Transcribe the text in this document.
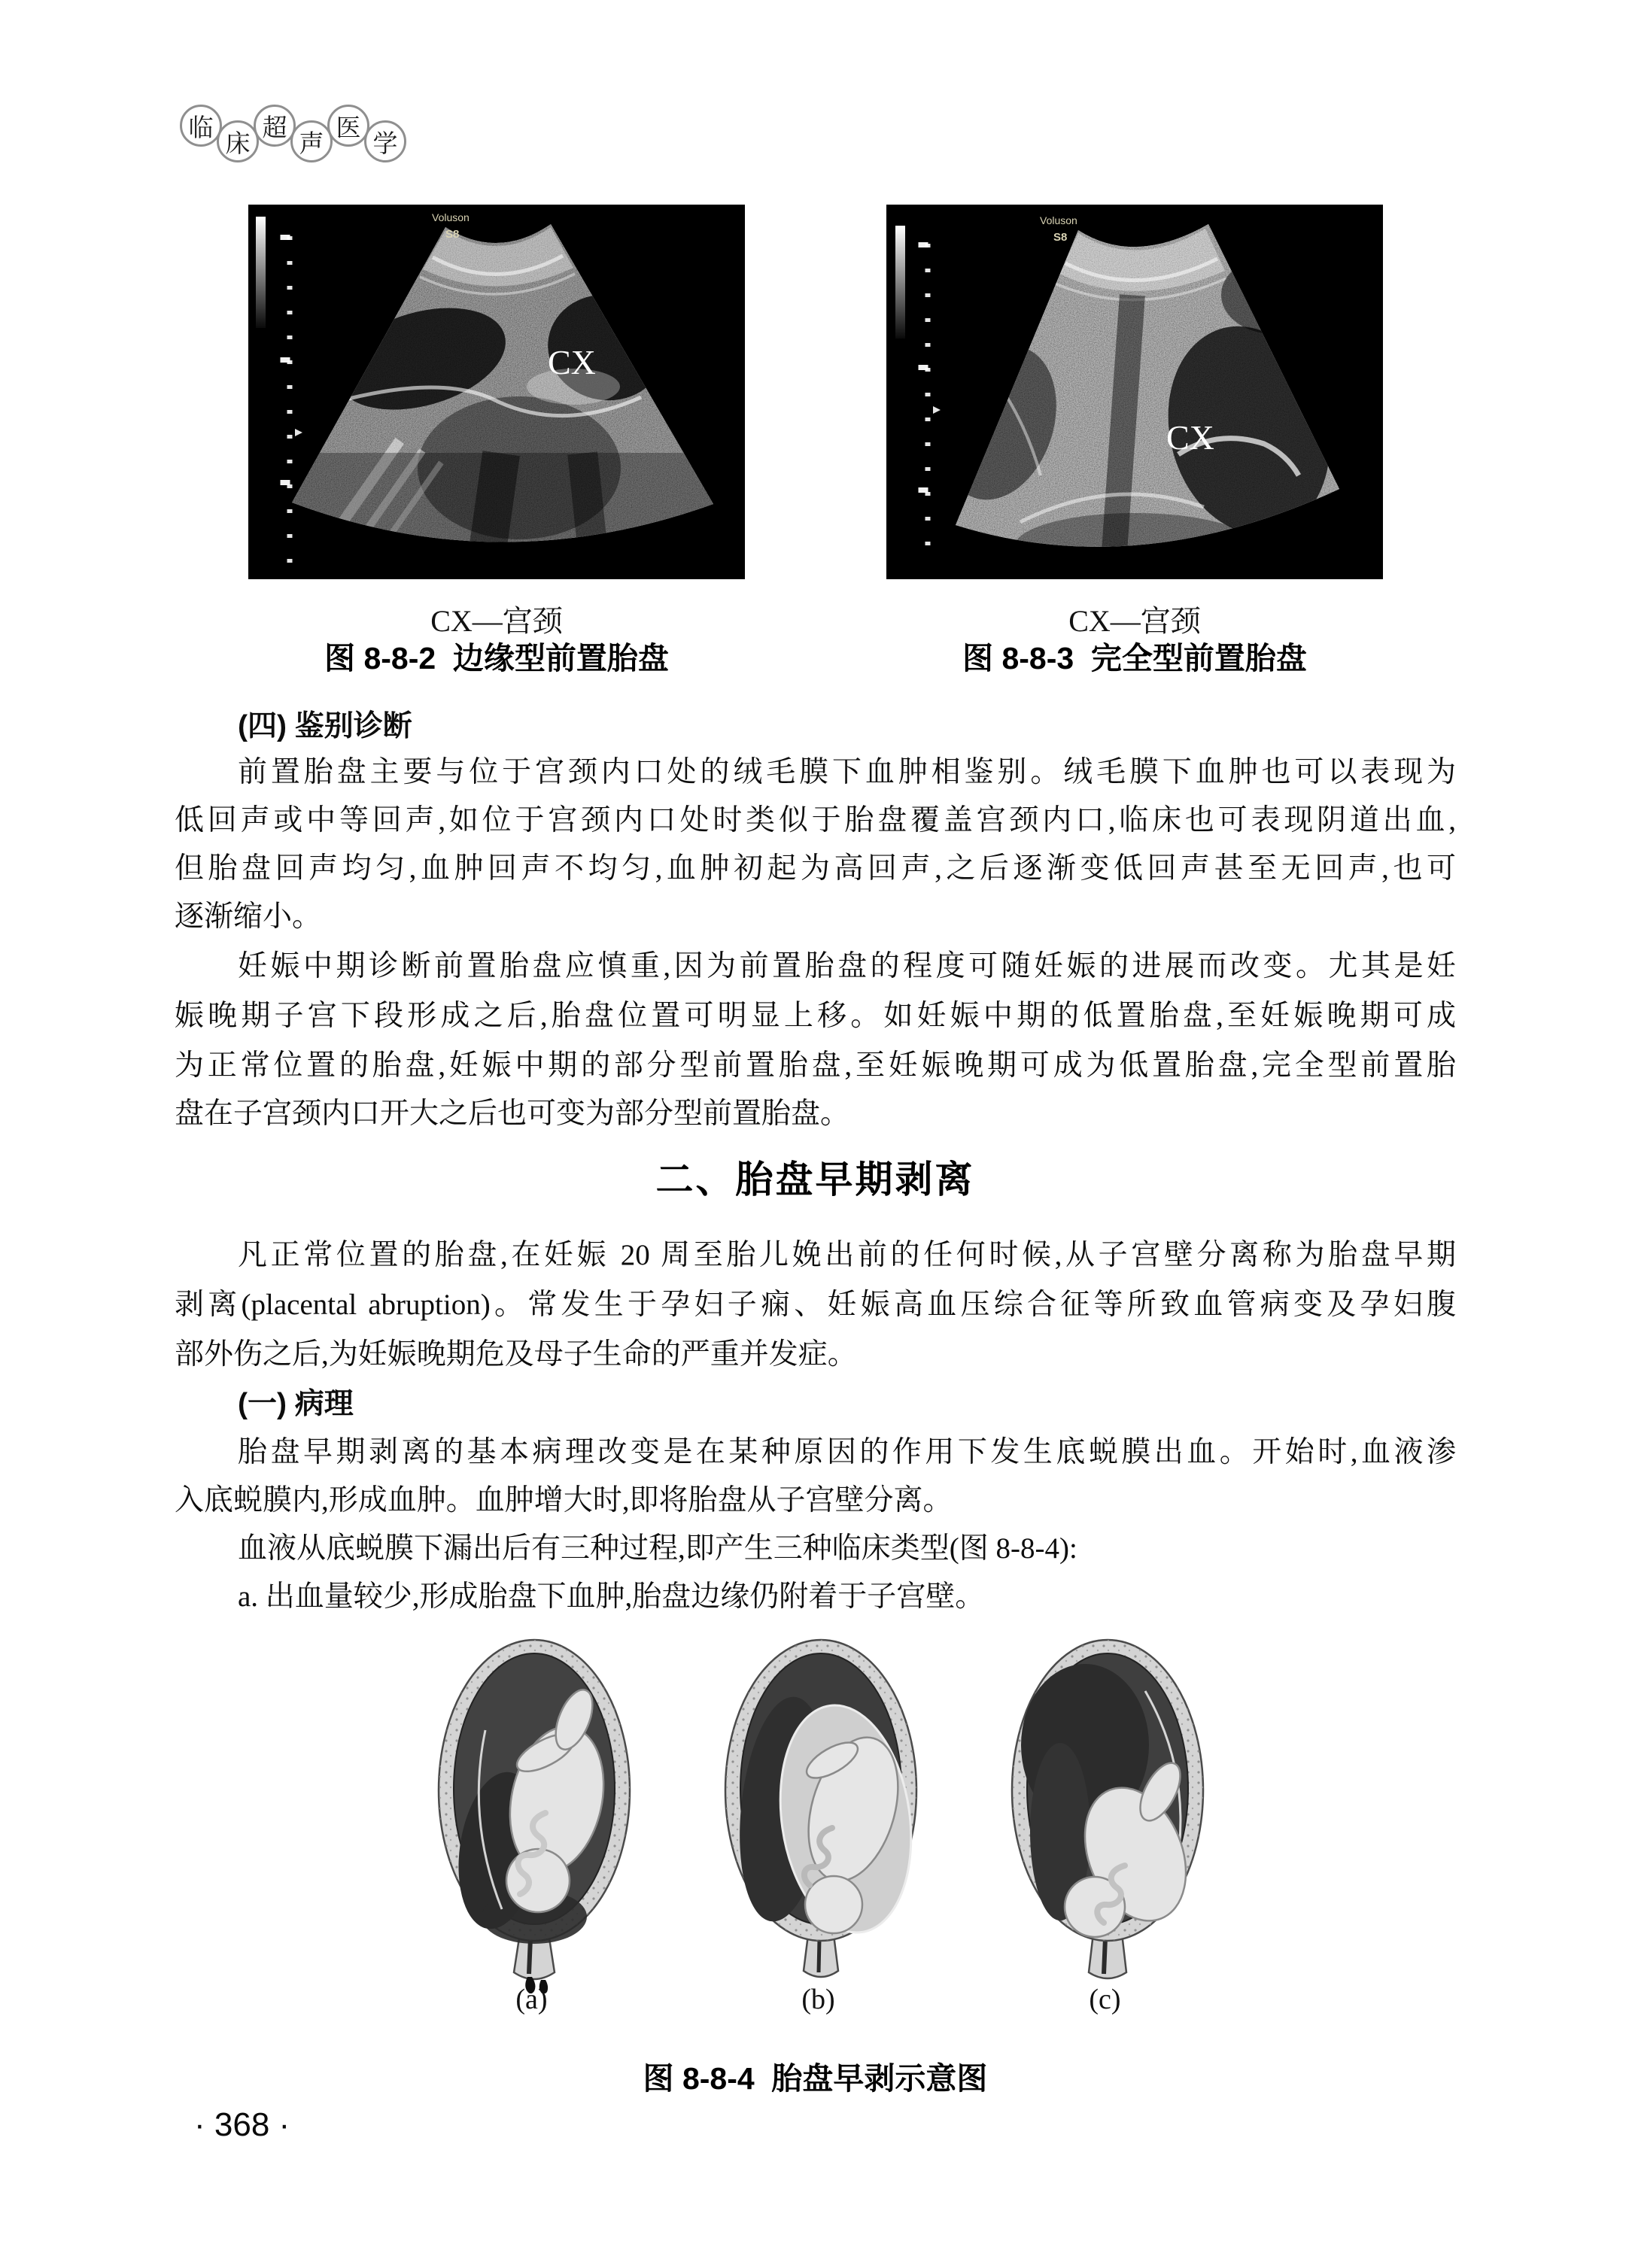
临
床
超
声
医
学
Voluson
S8
CX
Voluson
S8
CX
CX—宫颈
图 8-8-2  边缘型前置胎盘
CX—宫颈
图 8-8-3  完全型前置胎盘
(四) 鉴别诊断
前置胎盘主要与位于宫颈内口处的绒毛膜下血肿相鉴别。绒毛膜下血肿也可以表现为
低回声或中等回声,如位于宫颈内口处时类似于胎盘覆盖宫颈内口,临床也可表现阴道出血,
但胎盘回声均匀,血肿回声不均匀,血肿初起为高回声,之后逐渐变低回声甚至无回声,也可
逐渐缩小。
妊娠中期诊断前置胎盘应慎重,因为前置胎盘的程度可随妊娠的进展而改变。尤其是妊
娠晚期子宫下段形成之后,胎盘位置可明显上移。如妊娠中期的低置胎盘,至妊娠晚期可成
为正常位置的胎盘,妊娠中期的部分型前置胎盘,至妊娠晚期可成为低置胎盘,完全型前置胎
盘在子宫颈内口开大之后也可变为部分型前置胎盘。
二、胎盘早期剥离
凡正常位置的胎盘,在妊娠 20 周至胎儿娩出前的任何时候,从子宫壁分离称为胎盘早期
剥离(placental abruption)。常发生于孕妇子痫、妊娠高血压综合征等所致血管病变及孕妇腹
部外伤之后,为妊娠晚期危及母子生命的严重并发症。
(一) 病理
胎盘早期剥离的基本病理改变是在某种原因的作用下发生底蜕膜出血。开始时,血液渗
入底蜕膜内,形成血肿。血肿增大时,即将胎盘从子宫壁分离。
血液从底蜕膜下漏出后有三种过程,即产生三种临床类型(图 8-8-4):
a. 出血量较少,形成胎盘下血肿,胎盘边缘仍附着于子宫壁。
(a)	(b)	(c)
图 8-8-4  胎盘早剥示意图
· 368 ·
